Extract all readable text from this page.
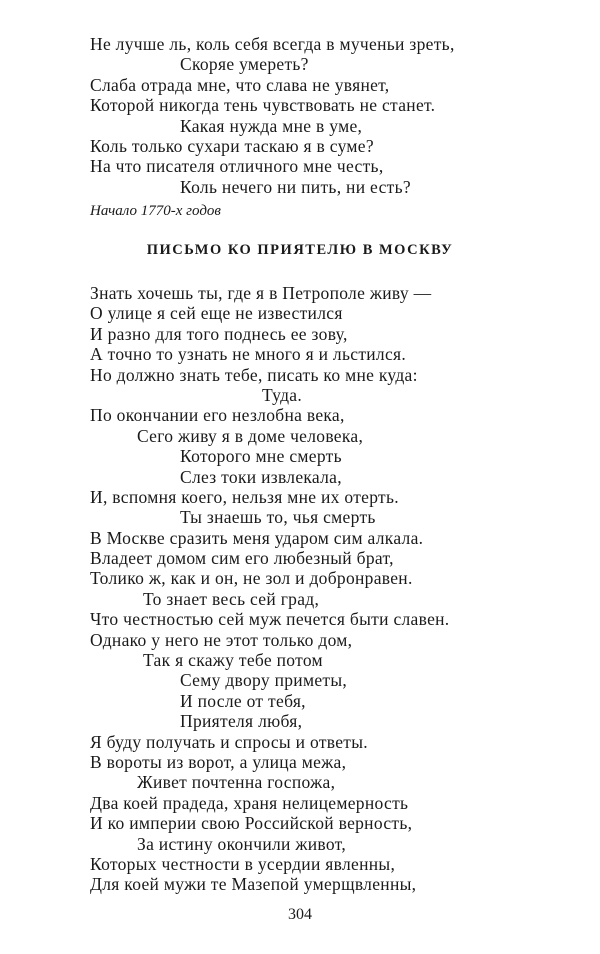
Не лучше ль, коль себя всегда в мученьи зреть,
Скоряе умереть?
Слаба отрада мне, что слава не увянет,
Которой никогда тень чувствовать не станет.
Какая нужда мне в уме,
Коль только сухари таскаю я в суме?
На что писателя отличного мне честь,
Коль нечего ни пить, ни есть?
Начало 1770-х годов
ПИСЬМО КО ПРИЯТЕЛЮ В МОСКВУ
Знать хочешь ты, где я в Петрополе живу —
О улице я сей еще не известился
И разно для того поднесь ее зову,
А точно то узнать не много я и льстился.
Но должно знать тебе, писать ко мне куда:
Туда.
По окончании его незлобна века,
Сего живу я в доме человека,
Которого мне смерть
Слез токи извлекала,
И, вспомня коего, нельзя мне их отерть.
Ты знаешь то, чья смерть
В Москве сразить меня ударом сим алкала.
Владеет домом сим его любезный брат,
Толико ж, как и он, не зол и добронравен.
То знает весь сей град,
Что честностью сей муж печется быти славен.
Однако у него не этот только дом,
Так я скажу тебе потом
Сему двору приметы,
И после от тебя,
Приятеля любя,
Я буду получать и спросы и ответы.
В вороты из ворот, а улица межа,
Живет почтенна госпожа,
Два коей прадеда, храня нелицемерность
И ко империи свою Российской верность,
За истину окончили живот,
Которых честности в усердии явленны,
Для коей мужи те Мазепой умерщвленны,
304
